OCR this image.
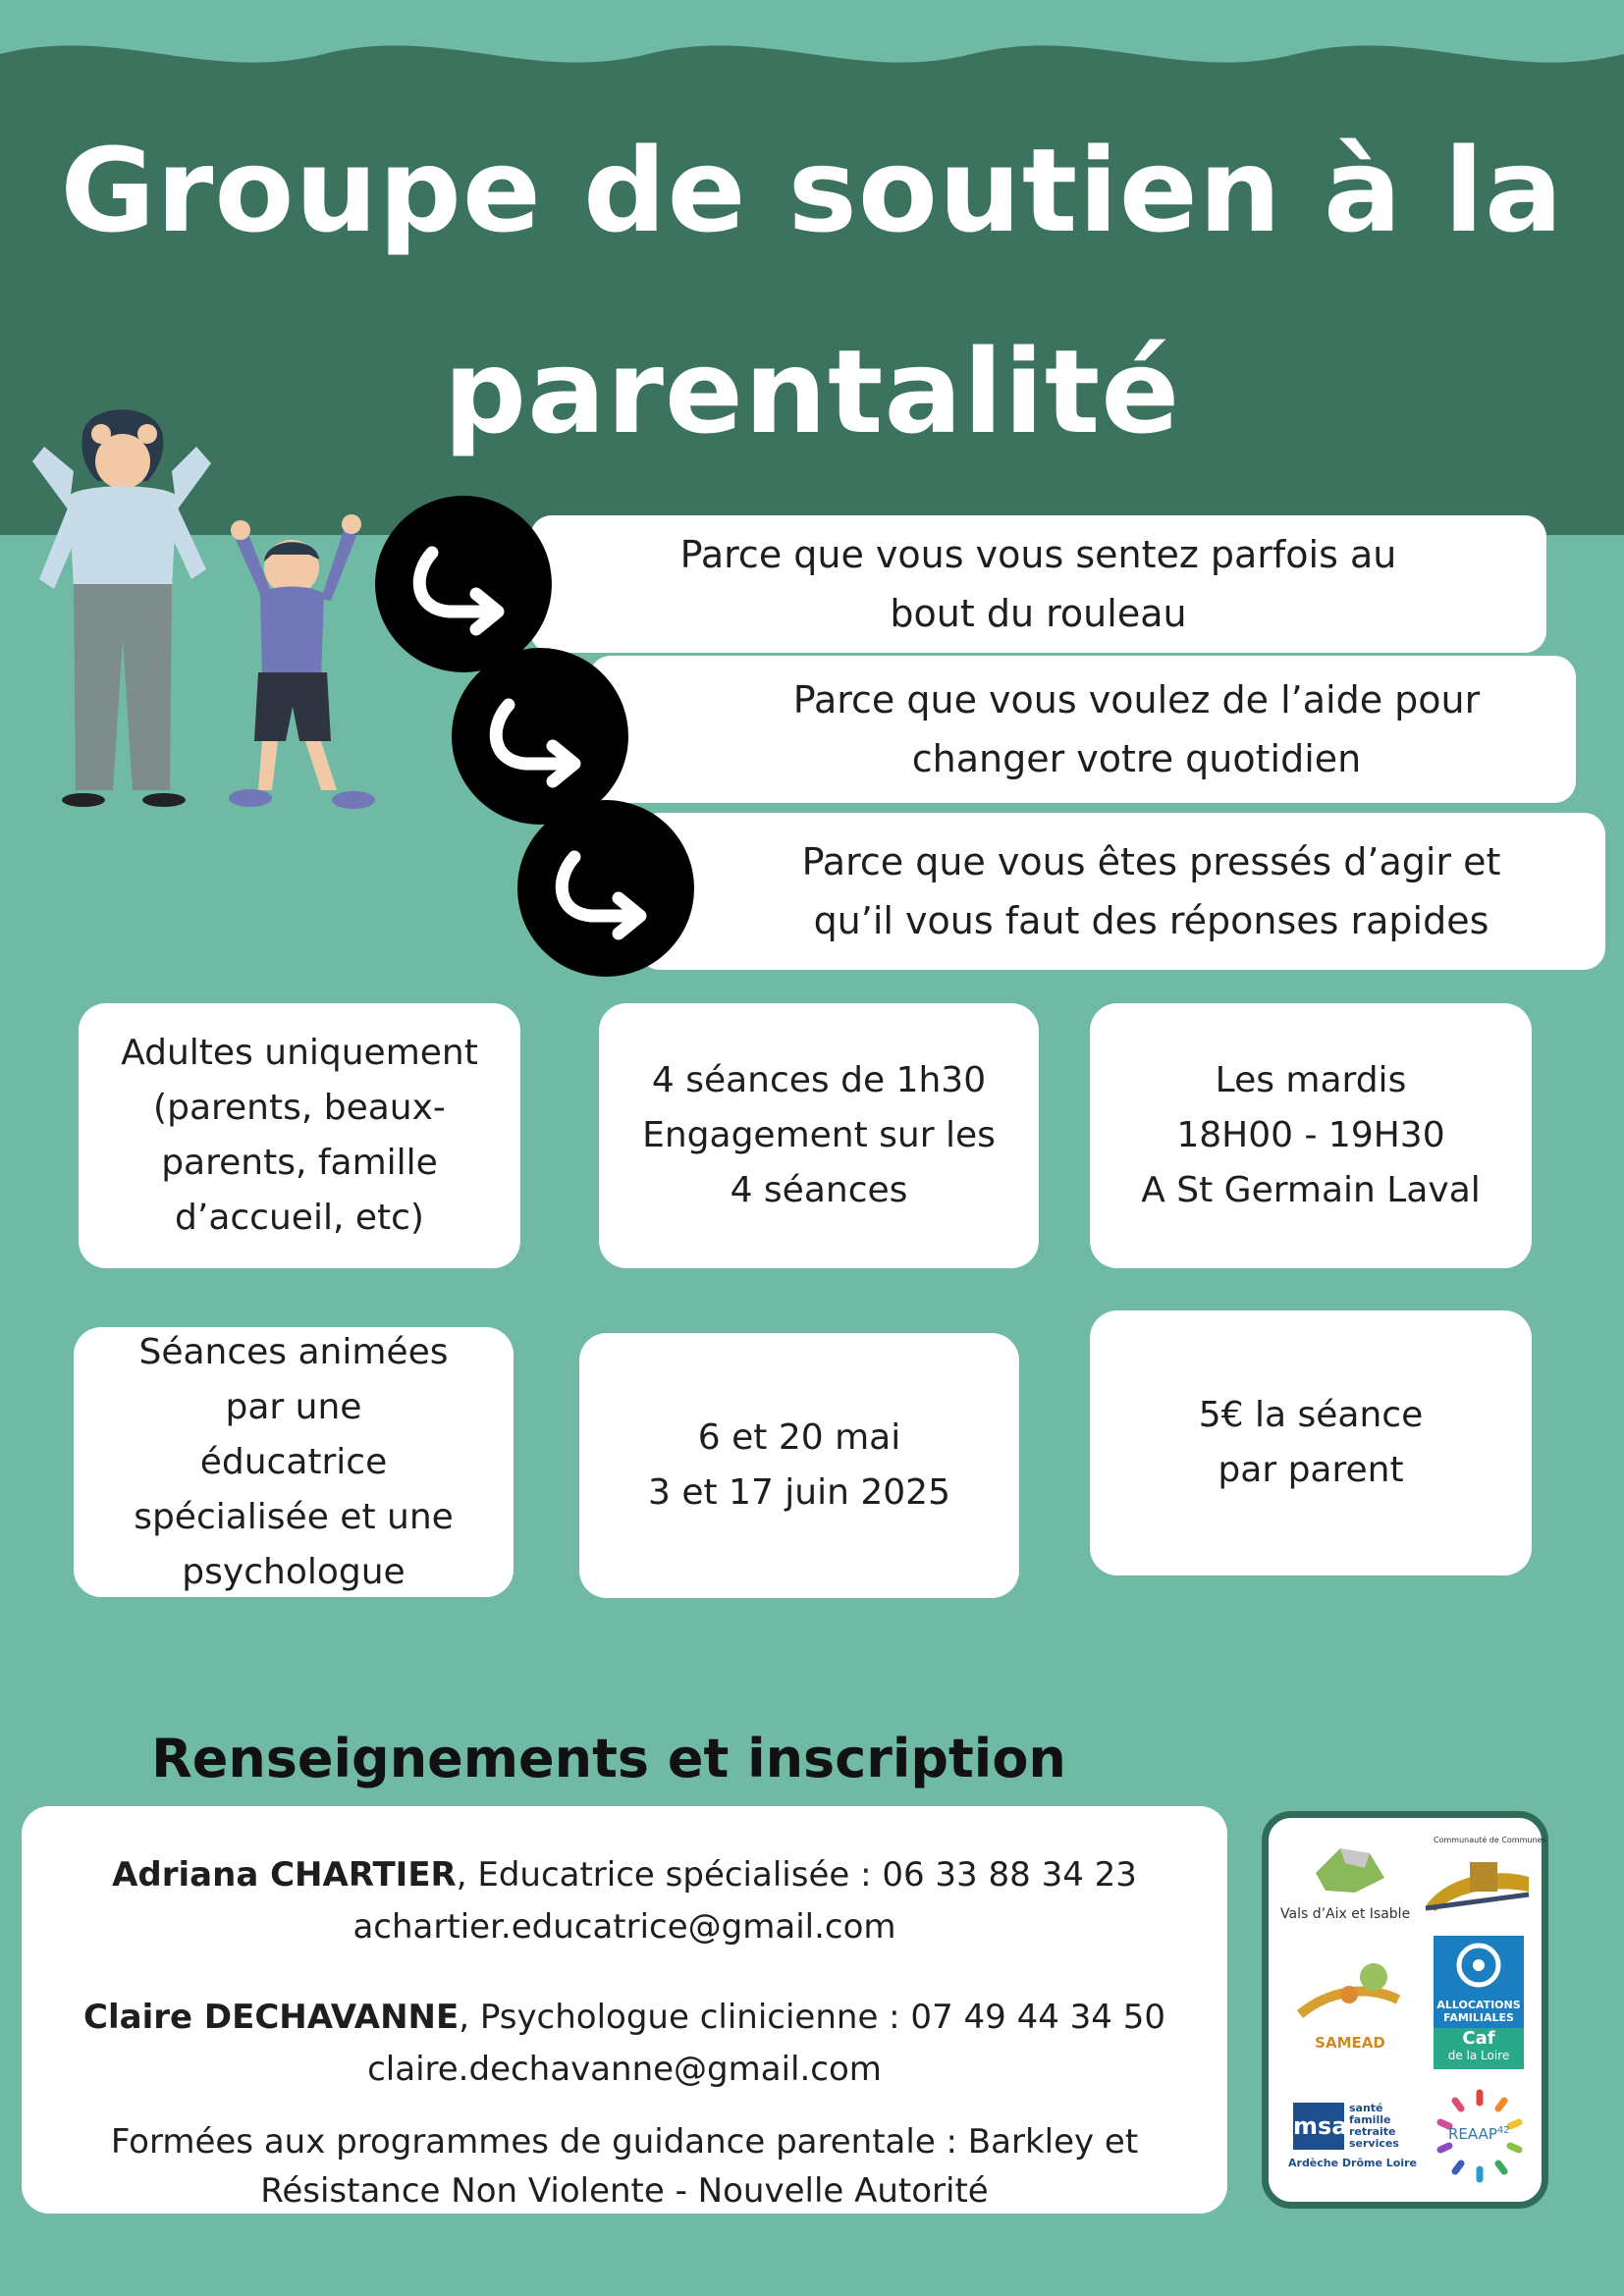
Groupe de soutien à la
parentalité
Parce que vous vous sentez parfois au
bout du rouleau
Parce que vous voulez de l’aide pour
changer votre quotidien
Parce que vous êtes pressés d’agir et
qu’il vous faut des réponses rapides
Adultes uniquement
(parents, beaux-
parents, famille
d’accueil, etc)
4 séances de 1h30
Engagement sur les
4 séances
Les mardis
18H00 - 19H30
A St Germain Laval
Séances animées
par une
éducatrice
spécialisée et une
psychologue
6 et 20 mai
3 et 17 juin 2025
5€ la séance
par parent
Renseignements et inscription
Adriana CHARTIER, Educatrice spécialisée : 06 33 88 34 23
achartier.educatrice@gmail.com
Claire DECHAVANNE, Psychologue clinicienne : 07 49 44 34 50
claire.dechavanne@gmail.com
Formées aux programmes de guidance parentale : Barkley et
Résistance Non Violente - Nouvelle Autorité
Vals d’Aix et Isable
Communauté de Communes
SAMEAD
ALLOCATIONS
FAMILIALES
Caf
de la Loire
msa
santé
famille
retraite
services
Ardèche Drôme Loire
REAAP$^{42}$
